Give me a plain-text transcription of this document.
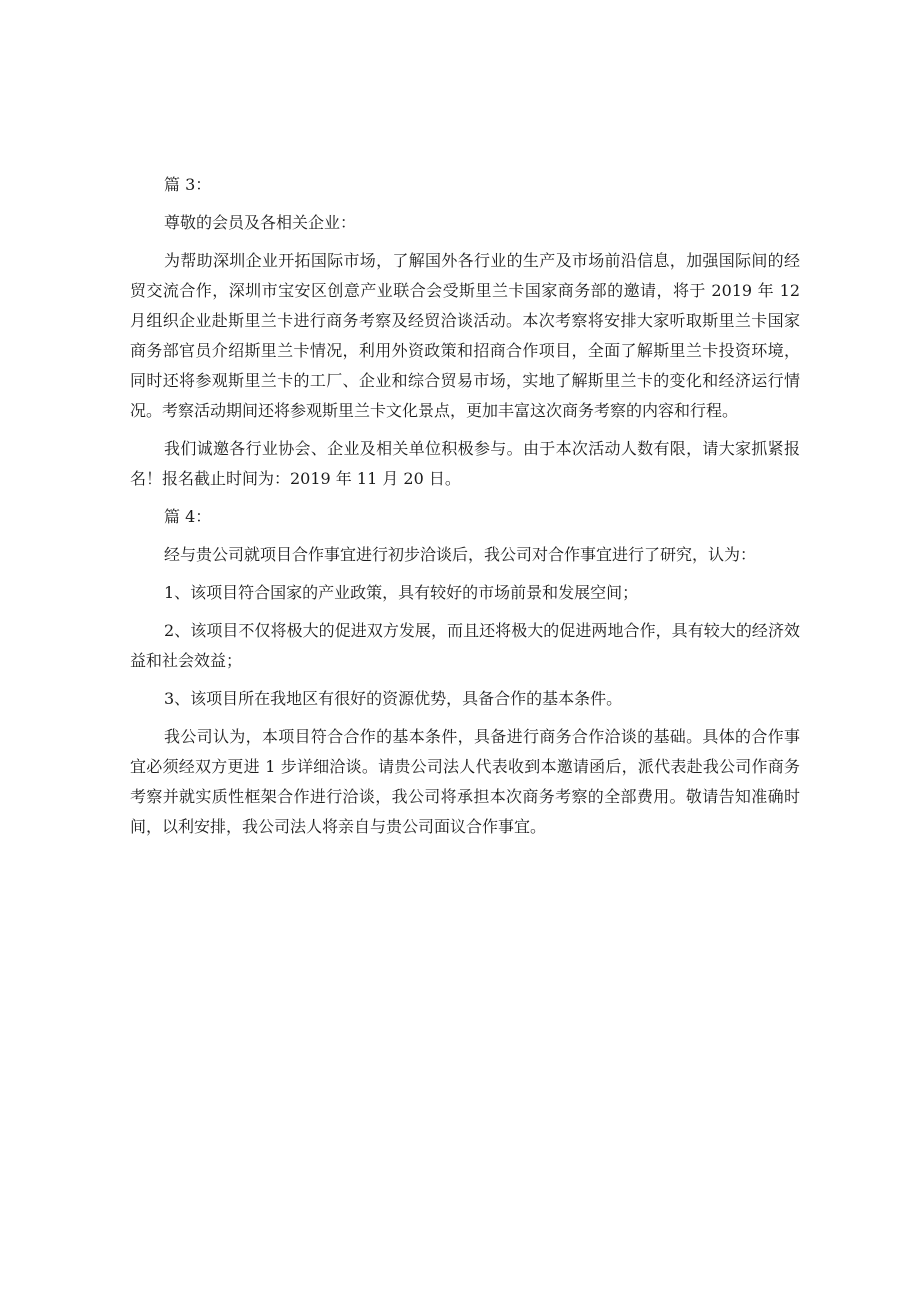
篇 3：

尊敬的会员及各相关企业：

为帮助深圳企业开拓国际市场，了解国外各行业的生产及市场前沿信息，加强国际间的经贸交流合作，深圳市宝安区创意产业联合会受斯里兰卡国家商务部的邀请，将于 2019 年 12 月组织企业赴斯里兰卡进行商务考察及经贸洽谈活动。本次考察将安排大家听取斯里兰卡国家商务部官员介绍斯里兰卡情况，利用外资政策和招商合作项目，全面了解斯里兰卡投资环境，同时还将参观斯里兰卡的工厂、企业和综合贸易市场，实地了解斯里兰卡的变化和经济运行情况。考察活动期间还将参观斯里兰卡文化景点，更加丰富这次商务考察的内容和行程。

我们诚邀各行业协会、企业及相关单位积极参与。由于本次活动人数有限，请大家抓紧报名！报名截止时间为：2019 年 11 月 20 日。

篇 4：

经与贵公司就项目合作事宜进行初步洽谈后，我公司对合作事宜进行了研究，认为：

1、该项目符合国家的产业政策，具有较好的市场前景和发展空间；

2、该项目不仅将极大的促进双方发展，而且还将极大的促进两地合作，具有较大的经济效益和社会效益；

3、该项目所在我地区有很好的资源优势，具备合作的基本条件。

我公司认为，本项目符合合作的基本条件，具备进行商务合作洽谈的基础。具体的合作事宜必须经双方更进 1 步详细洽谈。请贵公司法人代表收到本邀请函后，派代表赴我公司作商务考察并就实质性框架合作进行洽谈，我公司将承担本次商务考察的全部费用。敬请告知准确时间，以利安排，我公司法人将亲自与贵公司面议合作事宜。
